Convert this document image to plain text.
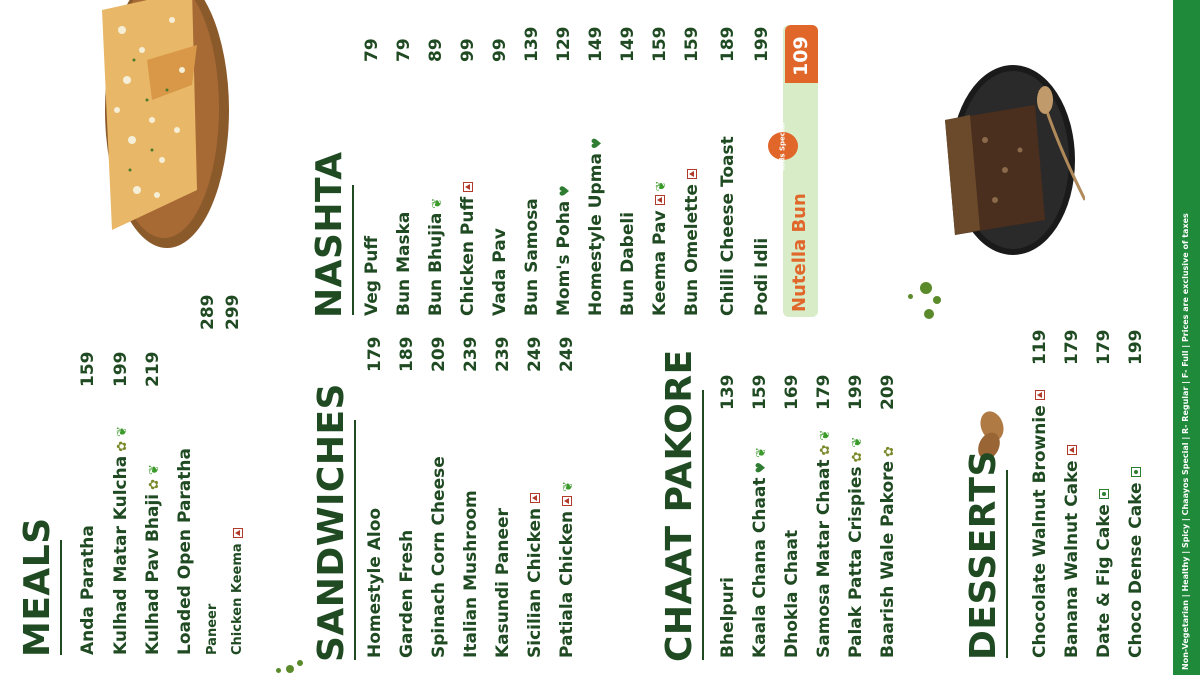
MEALS Anda Paratha
159
Kulhad Matar Kulcha✿❦
199
Kulhad Pav Bhaji✿❦
219
Loaded Open Paratha Paneer
289
Chicken Keema
299
SANDWICHES Homestyle Aloo
179
Garden Fresh
189
Spinach Corn Cheese
209
Italian Mushroom
239
Kasundi Paneer
239
Sicilian Chicken
249
Patiala Chicken❦
249
NASHTA Veg Puff
79
Bun Maska
79
Bun Bhujia❦
89
Chicken Puff
99
Vada Pav
99
Bun Samosa
139
Mom's Poha♥
129
Homestyle Upma♥
149
Bun Dabeli
149
Keema Pav❦
159
Bun Omelette
159
Chilli Cheese Toast
189
Podi Idli
199
Kids Special
Nutella Bun
109
CHAAT PAKORE Bhelpuri
139
Kaala Chana Chaat♥❦
159
Dhokla Chaat
169
Samosa Matar Chaat✿❦
179
Palak Patta Crispies✿❦
199
Baarish Wale Pakore✿
209
DESSERTS Chocolate Walnut Brownie
119
Banana Walnut Cake
179
Date & Fig Cake
179
Choco Dense Cake
199	Non-Vegetarian | Healthy | Spicy | Chaayos Special | R- Regular | F- Full | Prices are exclusive of taxes
